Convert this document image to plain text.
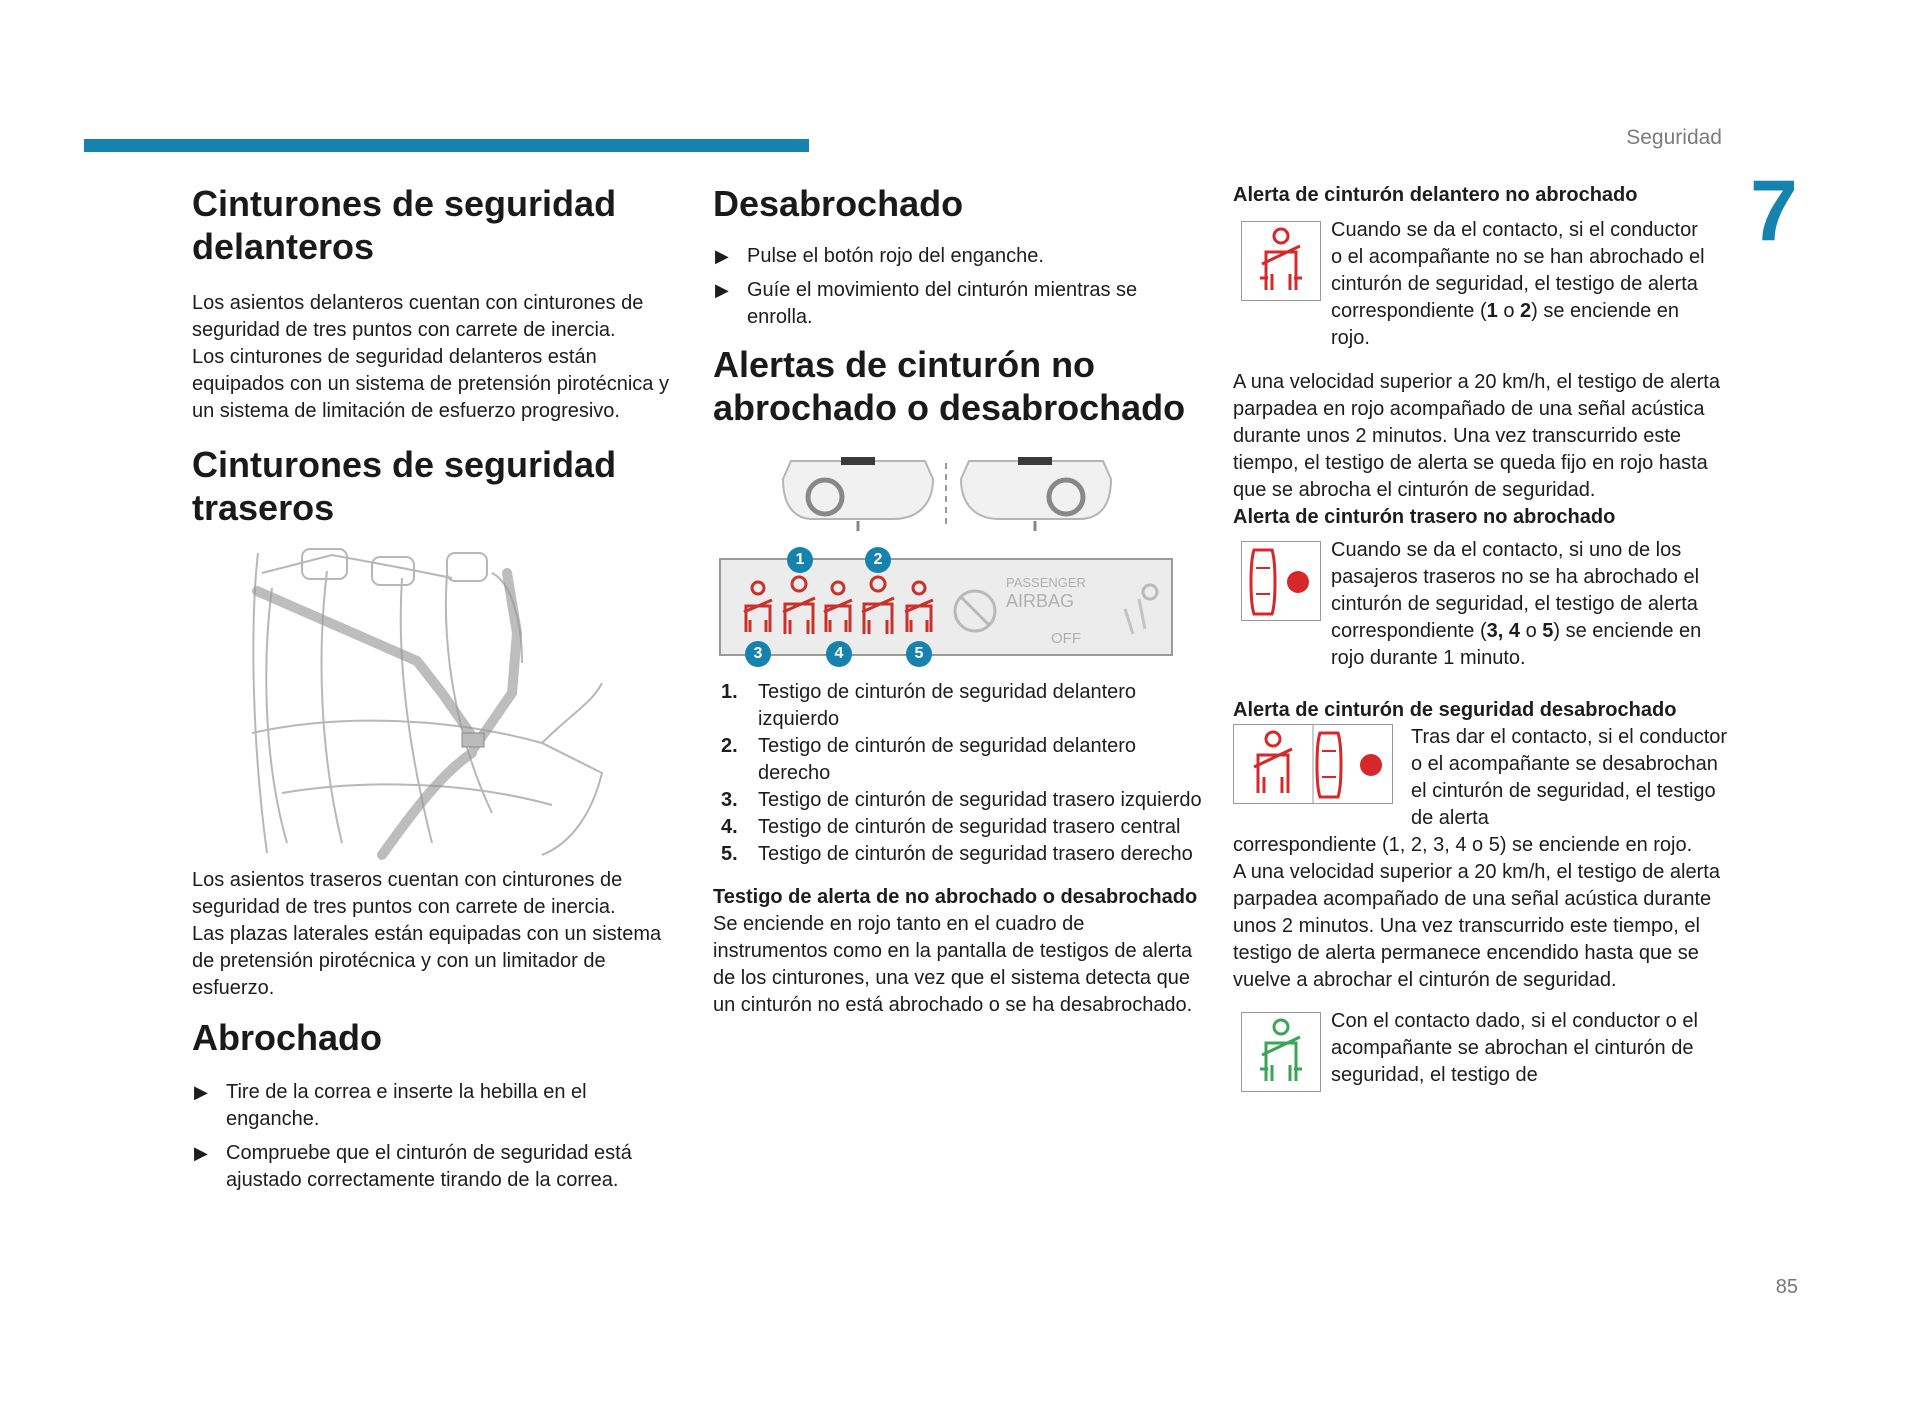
Seguridad
7
85
Cinturones de seguridad delanteros

Los asientos delanteros cuentan con cinturones de seguridad de tres puntos con carrete de inercia.

Los cinturones de seguridad delanteros están equipados con un sistema de pretensión pirotécnica y un sistema de limitación de esfuerzo progresivo.

Cinturones de seguridad traseros

Los asientos traseros cuentan con cinturones de seguridad de tres puntos con carrete de inercia.

Las plazas laterales están equipadas con un sistema de pretensión pirotécnica y con un limitador de esfuerzo.

Abrochado
▶ Tire de la correa e inserte la hebilla en el enganche.
▶ Compruebe que el cinturón de seguridad está ajustado correctamente tirando de la correa.
Desabrochado
▶ Pulse el botón rojo del enganche.
▶ Guíe el movimiento del cinturón mientras se enrolla.
Alertas de cinturón no abrochado o desabrochado
PASSENGER
AIRBAG
OFF
1	2
3	4	5
1. Testigo de cinturón de seguridad delantero izquierdo
2. Testigo de cinturón de seguridad delantero derecho
3. Testigo de cinturón de seguridad trasero izquierdo
4. Testigo de cinturón de seguridad trasero central
5. Testigo de cinturón de seguridad trasero derecho
Testigo de alerta de no abrochado o desabrochado

Se enciende en rojo tanto en el cuadro de instrumentos como en la pantalla de testigos de alerta de los cinturones, una vez que el sistema detecta que un cinturón no está abrochado o se ha desabrochado.

Alerta de cinturón delantero no abrochado

Cuando se da el contacto, si el conductor o el acompañante no se han abrochado el cinturón de seguridad, el testigo de alerta correspondiente (1 o 2) se enciende en rojo.

A una velocidad superior a 20 km/h, el testigo de alerta parpadea en rojo acompañado de una señal acústica durante unos 2 minutos. Una vez transcurrido este tiempo, el testigo de alerta se queda fijo en rojo hasta que se abrocha el cinturón de seguridad.

Alerta de cinturón trasero no abrochado

Cuando se da el contacto, si uno de los pasajeros traseros no se ha abrochado el cinturón de seguridad, el testigo de alerta correspondiente (3, 4 o 5) se enciende en rojo durante 1 minuto.

Alerta de cinturón de seguridad desabrochado

Tras dar el contacto, si el conductor o el acompañante se desabrochan el cinturón de seguridad, el testigo de alerta

correspondiente (1, 2, 3, 4 o 5) se enciende en rojo.

A una velocidad superior a 20 km/h, el testigo de alerta parpadea acompañado de una señal acústica durante unos 2 minutos. Una vez transcurrido este tiempo, el testigo de alerta permanece encendido hasta que se vuelve a abrochar el cinturón de seguridad.

Con el contacto dado, si el conductor o el acompañante se abrochan el cinturón de seguridad, el testigo de
